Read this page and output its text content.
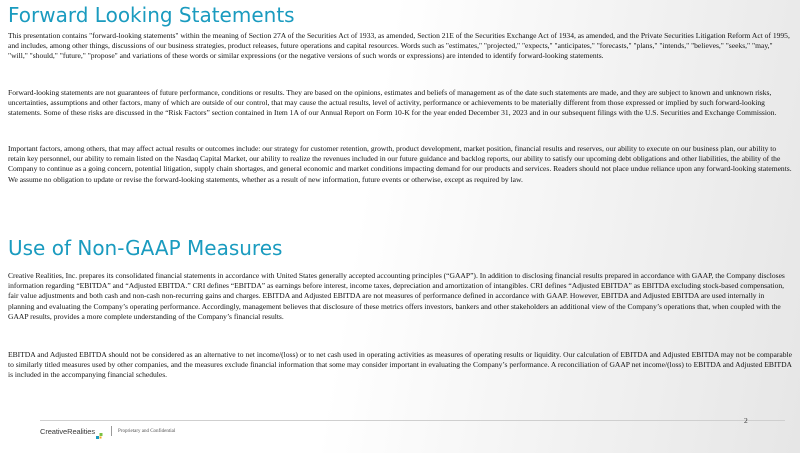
Forward Looking Statements

This presentation contains "forward-looking statements" within the meaning of Section 27A of the Securities Act of 1933, as amended, Section 21E of the Securities Exchange Act of 1934, as amended, and the Private Securities Litigation Reform Act of 1995, and includes, among other things, discussions of our business strategies, product releases, future operations and capital resources. Words such as "estimates," "projected," "expects," "anticipates," "forecasts," "plans," "intends," "believes," "seeks," "may," "will," "should," "future," "propose" and variations of these words or similar expressions (or the negative versions of such words or expressions) are intended to identify forward-looking statements.

Forward-looking statements are not guarantees of future performance, conditions or results. They are based on the opinions, estimates and beliefs of management as of the date such statements are made, and they are subject to known and unknown risks, uncertainties, assumptions and other factors, many of which are outside of our control, that may cause the actual results, level of activity, performance or achievements to be materially different from those expressed or implied by such forward-looking statements. Some of these risks are discussed in the “Risk Factors” section contained in Item 1A of our Annual Report on Form 10-K for the year ended December 31, 2023 and in our subsequent filings with the U.S. Securities and Exchange Commission.

Important factors, among others, that may affect actual results or outcomes include: our strategy for customer retention, growth, product development, market position, financial results and reserves, our ability to execute on our business plan, our ability to retain key personnel, our ability to remain listed on the Nasdaq Capital Market, our ability to realize the revenues included in our future guidance and backlog reports, our ability to satisfy our upcoming debt obligations and other liabilities, the ability of the Company to continue as a going concern, potential litigation, supply chain shortages, and general economic and market conditions impacting demand for our products and services. Readers should not place undue reliance upon any forward-looking statements. We assume no obligation to update or revise the forward-looking statements, whether as a result of new information, future events or otherwise, except as required by law.

Use of Non-GAAP Measures

Creative Realities, Inc. prepares its consolidated financial statements in accordance with United States generally accepted accounting principles (“GAAP”). In addition to disclosing financial results prepared in accordance with GAAP, the Company discloses information regarding “EBITDA” and “Adjusted EBITDA.” CRI defines “EBITDA” as earnings before interest, income taxes, depreciation and amortization of intangibles. CRI defines “Adjusted EBITDA” as EBITDA excluding stock-based compensation, fair value adjustments and both cash and non-cash non-recurring gains and charges. EBITDA and Adjusted EBITDA are not measures of performance defined in accordance with GAAP. However, EBITDA and Adjusted EBITDA are used internally in planning and evaluating the Company’s operating performance. Accordingly, management believes that disclosure of these metrics offers investors, bankers and other stakeholders an additional view of the Company’s operations that, when coupled with the GAAP results, provides a more complete understanding of the Company’s financial results.

EBITDA and Adjusted EBITDA should not be considered as an alternative to net income/(loss) or to net cash used in operating activities as measures of operating results or liquidity. Our calculation of EBITDA and Adjusted EBITDA may not be comparable to similarly titled measures used by other companies, and the measures exclude financial information that some may consider important in evaluating the Company’s performance. A reconciliation of GAAP net income/(loss) to EBITDA and Adjusted EBITDA is included in the accompanying financial schedules.

CreativeRealities	Proprietary and Confidential
2
